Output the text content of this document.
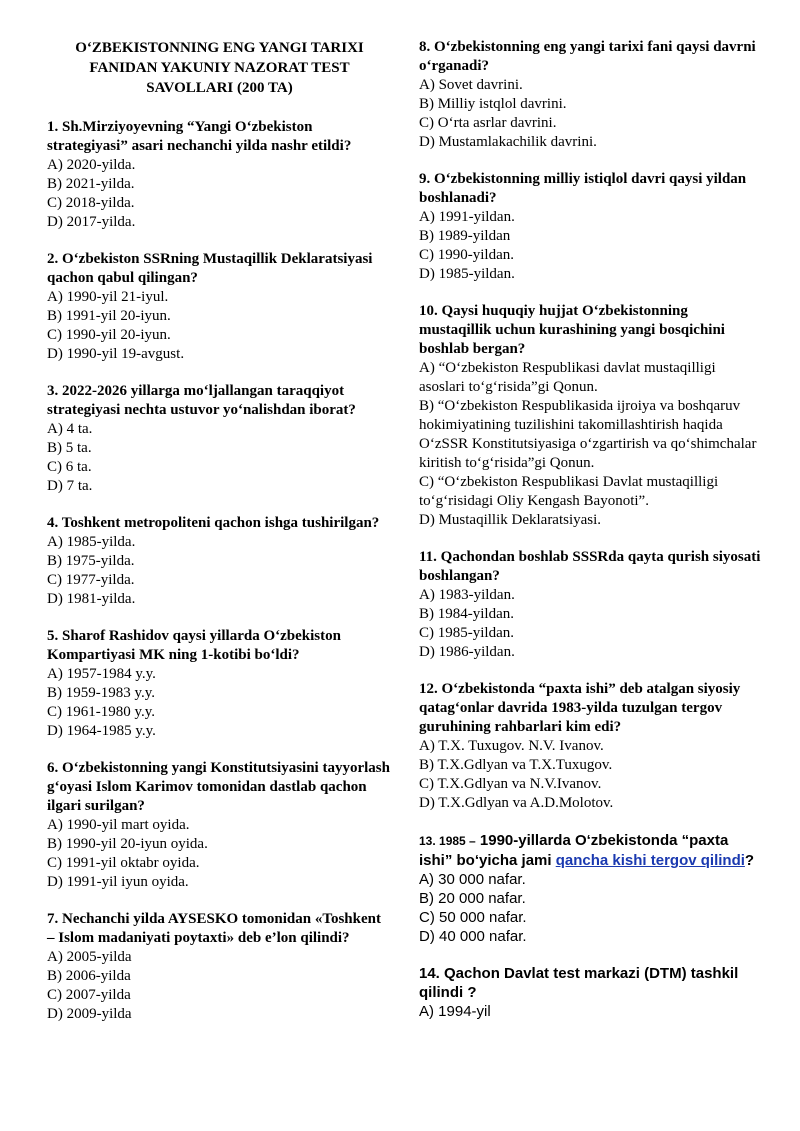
O‘ZBEKISTONNING ENG YANGI TARIXI FANIDAN YAKUNIY NAZORAT TEST SAVOLLARI (200 TA)

1. Sh.Mirziyoyevning “Yangi O‘zbekiston strategiyasi” asari nechanchi yilda nashr etildi?

A) 2020-yilda.

B) 2021-yilda.

C) 2018-yilda.

D) 2017-yilda.

2. O‘zbekiston SSRning Mustaqillik Deklaratsiyasi qachon qabul qilingan?

A) 1990-yil 21-iyul.

B) 1991-yil 20-iyun.

C) 1990-yil 20-iyun.

D) 1990-yil 19-avgust.

3. 2022-2026 yillarga mo‘ljallangan taraqqiyot strategiyasi nechta ustuvor yo‘nalishdan iborat?

A) 4 ta.

B) 5 ta.

C) 6 ta.

D) 7 ta.

4. Toshkent metropoliteni qachon ishga tushirilgan?

A) 1985-yilda.

B) 1975-yilda.

C) 1977-yilda.

D) 1981-yilda.

5. Sharof Rashidov qaysi yillarda O‘zbekiston Kompartiyasi MK ning 1-kotibi bo‘ldi?

A) 1957-1984 y.y.

B) 1959-1983 y.y.

C) 1961-1980 y.y.

D) 1964-1985 y.y.

6. O‘zbekistonning yangi Konstitutsiyasini tayyorlash g‘oyasi Islom Karimov tomonidan dastlab qachon ilgari surilgan?

A) 1990-yil mart oyida.

B) 1990-yil 20-iyun oyida.

C) 1991-yil oktabr oyida.

D) 1991-yil iyun oyida.

7. Nechanchi yilda AYSESKO tomonidan «Toshkent – Islom madaniyati poytaxti» deb e’lon qilindi?

A) 2005-yilda

B) 2006-yilda

C) 2007-yilda

D) 2009-yilda

8. O‘zbekistonning eng yangi tarixi fani qaysi davrni o‘rganadi?

A) Sovet davrini.

B) Milliy istqlol davrini.

C) O‘rta asrlar davrini.

D) Mustamlakachilik davrini.

9. O‘zbekistonning milliy istiqlol davri qaysi yildan boshlanadi?

A) 1991-yildan.

B) 1989-yildan

C) 1990-yildan.

D) 1985-yildan.

10. Qaysi huquqiy hujjat O‘zbekistonning mustaqillik uchun kurashining yangi bosqichini boshlab bergan?

A) “O‘zbekiston Respublikasi davlat mustaqilligi asoslari to‘g‘risida”gi Qonun.

B) “O‘zbekiston Respublikasida ijroiya va boshqaruv hokimiyatining tuzilishini takomillashtirish haqida O‘zSSR Konstitutsiyasiga o‘zgartirish va qo‘shimchalar kiritish to‘g‘risida”gi Qonun.

C) “O‘zbekiston Respublikasi Davlat mustaqilligi to‘g‘risidagi Oliy Kengash Bayonoti”.

D) Mustaqillik Deklaratsiyasi.

11. Qachondan boshlab SSSRda qayta qurish siyosati boshlangan?

A) 1983-yildan.

B) 1984-yildan.

C) 1985-yildan.

D) 1986-yildan.

12. O‘zbekistonda “paxta ishi” deb atalgan siyosiy qatag‘onlar davrida 1983-yilda tuzulgan tergov guruhining rahbarlari kim edi?

A) T.X. Tuxugov. N.V. Ivanov.

B) T.X.Gdlyan va T.X.Tuxugov.

C) T.X.Gdlyan va N.V.Ivanov.

D) T.X.Gdlyan va A.D.Molotov.

13. 1985 – 1990-yillarda O‘zbekistonda “paxta ishi” bo‘yicha jami qancha kishi tergov qilindi?

A) 30 000 nafar.

B) 20 000 nafar.

C) 50 000 nafar.

D) 40 000 nafar.

14. Qachon Davlat test markazi (DTM) tashkil qilindi ?

A) 1994-yil
